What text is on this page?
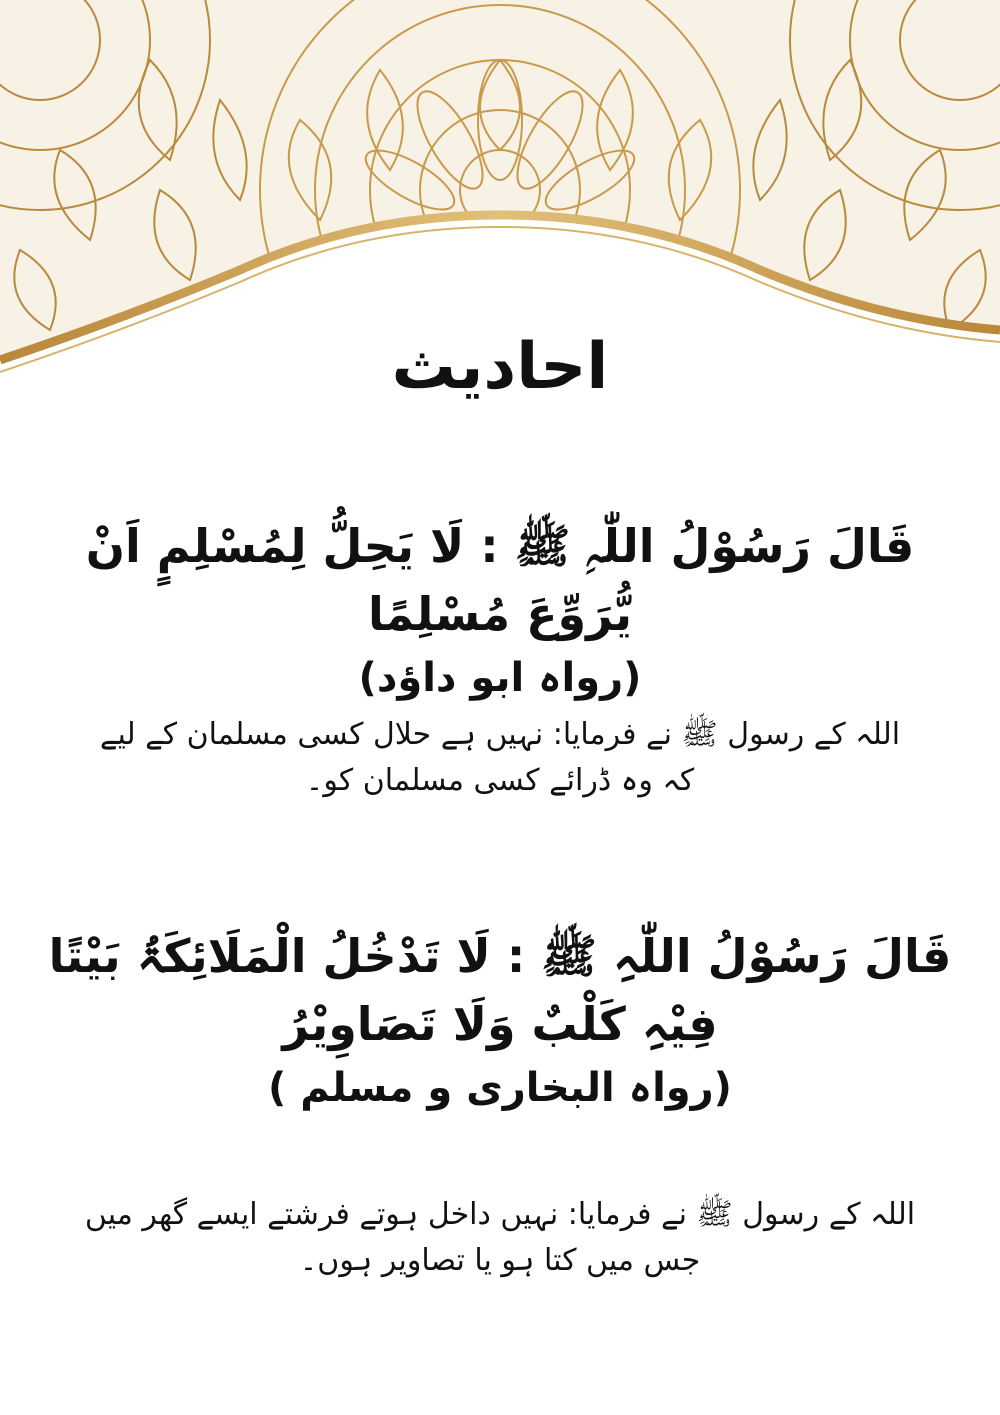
احادیث
قَالَ رَسُوْلُ اللّٰہِ ﷺ : لَا یَحِلُّ لِمُسْلِمٍ اَنْ یُّرَوِّعَ مُسْلِمًا
(رواہ ابو داؤد)
اللہ کے رسول ﷺ نے فرمایا: نہیں ہے حلال کسی مسلمان کے لیے کہ وہ ڈرائے کسی مسلمان کو۔
قَالَ رَسُوْلُ اللّٰہِ ﷺ : لَا تَدْخُلُ الْمَلَائِکَۃُ بَیْتًا فِیْہِ کَلْبٌ وَلَا تَصَاوِیْرُ
(رواہ البخاری و مسلم )
اللہ کے رسول ﷺ نے فرمایا: نہیں داخل ہوتے فرشتے ایسے گھر میں جس میں کتا ہو یا تصاویر ہوں۔
